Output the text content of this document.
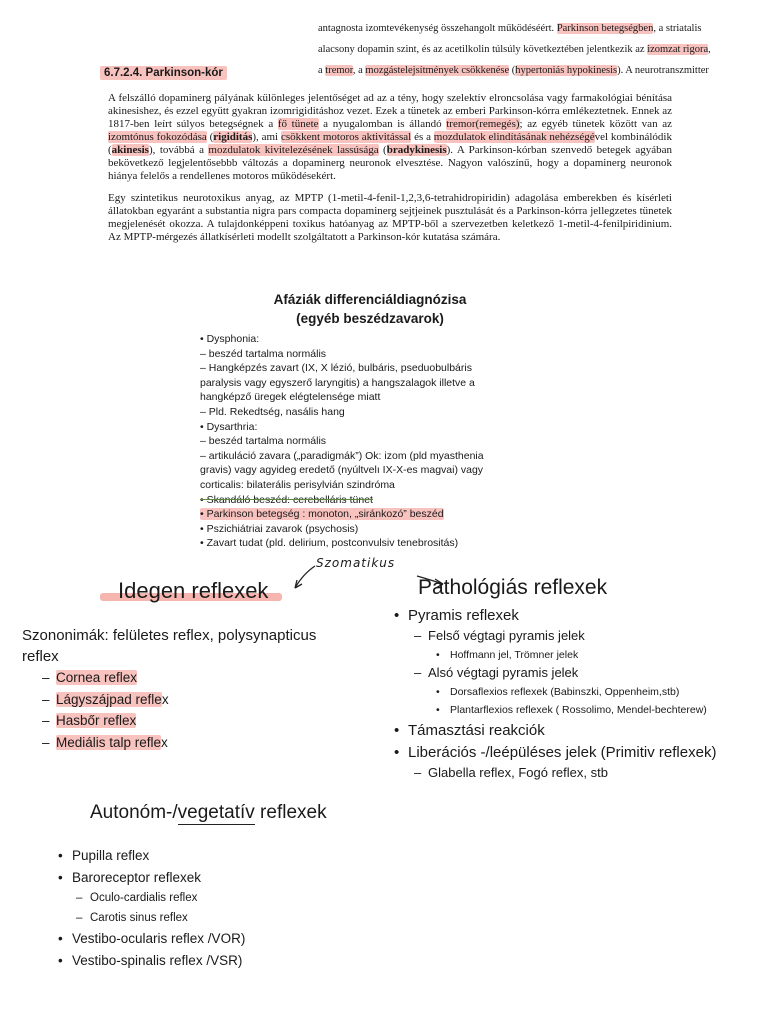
antagnosta izomtevékenység összehangolt működéséért. Parkinson betegségben, a striatalis

alacsony dopamin szint, és az acetilkolin túlsúly következtében jelentkezik az izomzat rigora,

a tremor, a mozgástelejsítmények csökkenése (hypertoniás hypokinesis). A neurotranszmitter

6.7.2.4. Parkinson-kór

A felszálló dopaminerg pályának különleges jelentőséget ad az a tény, hogy szelektív elroncsolása vagy farmakológiai bénítása akinesishez, és ezzel együtt gyakran izomrigiditáshoz vezet. Ezek a tünetek az emberi Parkinson-kórra emlékeztetnek. Ennek az 1817-ben leírt súlyos betegségnek a fő tünete a nyugalomban is állandó tremor(remegés); az egyéb tünetek között van az izomtónus fokozódása (rigiditás), ami csökkent motoros aktivitással és a mozdulatok elindításának nehézségével kombinálódik (akinesis), továbbá a mozdulatok kivitelezésének lassúsága (bradykinesis). A Parkinson-kórban szenvedő betegek agyában bekövetkező legjelentősebbb változás a dopaminerg neuronok elvesztése. Nagyon valószínű, hogy a dopaminerg neuronok hiánya felelős a rendellenes motoros működésekért.

Egy szintetikus neurotoxikus anyag, az MPTP (1-metil-4-fenil-1,2,3,6-tetrahidropiridin) adagolása emberekben és kísérleti állatokban egyaránt a substantia nigra pars compacta dopaminerg sejtjeinek pusztulását és a Parkinson-kórra jellegzetes tünetek megjelenését okozza. A tulajdonképpeni toxikus hatóanyag az MPTP-ből a szervezetben keletkező 1-metil-4-fenilpiridinium. Az MPTP-mérgezés állatkísérleti modellt szolgáltatott a Parkinson-kór kutatása számára.

Afáziák differenciáldiagnózisa
(egyéb beszédzavarok)
• Dysphonia:
– beszéd tartalma normális
– Hangképzés zavart (IX, X lézió, bulbáris, pseduobulbáris
paralysis vagy egyszerő laryngitis) a hangszalagok illetve a
hangképző üregek elégtelensége miatt
– Pld. Rekedtség, nasális hang
• Dysarthria:
– beszéd tartalma normális
– artikuláció zavara („paradigmák”) Ok: izom (pld myasthenia
gravis) vagy agyideg eredető (nyúltvelı IX-X-es magvai) vagy
corticalis: bilaterális perisylvián szindróma
• Skandáló beszéd: cerebelláris tünet
• Parkinson betegség : monoton, „siránkozó” beszéd
• Pszichiátriai zavarok (psychosis)
• Zavart tudat (pld. delirium, postconvulsiv tenebrositás)
Szomatikus
Idegen reflexek
Szononimák: felületes reflex, polysynapticus
reflex
– Cornea reflex
– Lágyszájpad reflex
– Hasbőr reflex
– Mediális talp reflex
Pathológiás reflexek
• Pyramis reflexek
– Felső végtagi pyramis jelek
• Hoffmann jel, Trömner jelek
– Alsó végtagi pyramis jelek
• Dorsaflexios reflexek (Babinszki, Oppenheim,stb)
• Plantarflexios reflexek ( Rossolimo, Mendel-bechterew)
• Támasztási reakciók
• Liberációs -/leépüléses jelek (Primitiv reflexek)
– Glabella reflex, Fogó reflex, stb
Autonóm-/vegetatív
reflexek
• Pupilla reflex
• Baroreceptor reflexek
– Oculo-cardialis reflex
– Carotis sinus reflex
• Vestibo-ocularis reflex /VOR)
• Vestibo-spinalis reflex /VSR)
